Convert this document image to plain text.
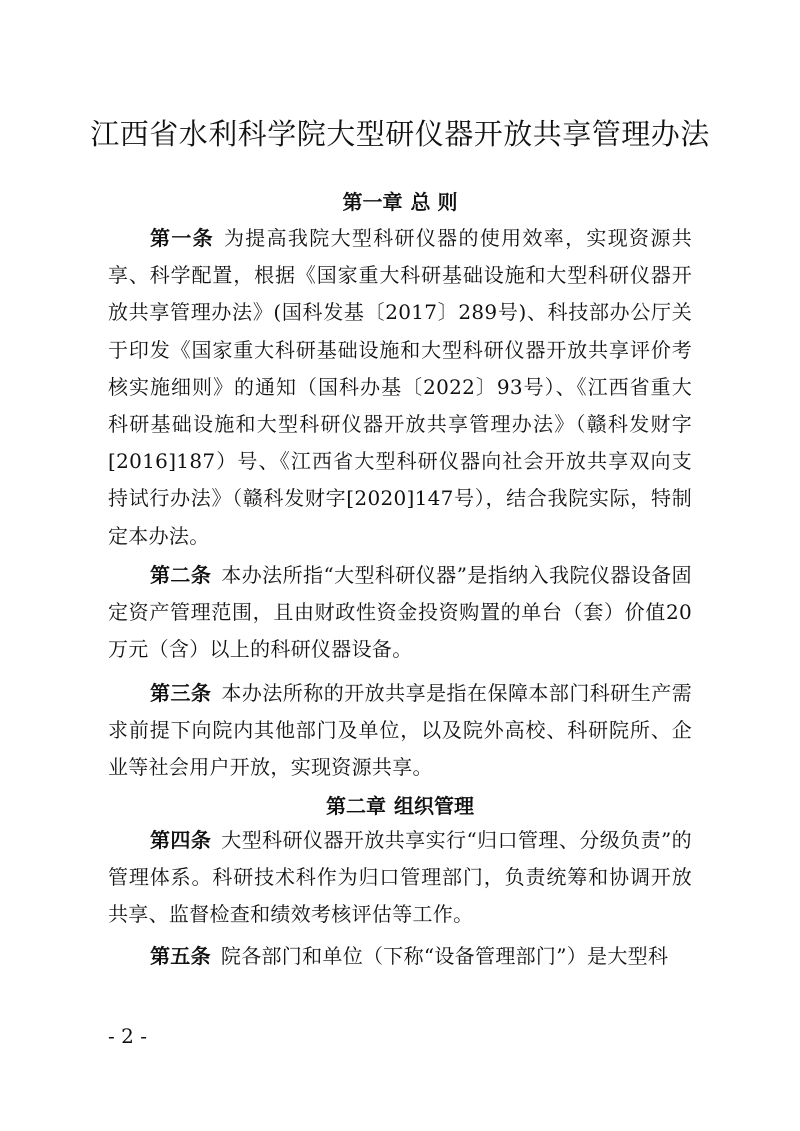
江西省水利科学院大型研仪器开放共享管理办法
第一章 总 则

第一条 为提高我院大型科研仪器的使用效率，实现资源共享、科学配置，根据《国家重大科研基础设施和大型科研仪器开放共享管理办法》(国科发基〔2017〕289号)、科技部办公厅关于印发《国家重大科研基础设施和大型科研仪器开放共享评价考核实施细则》的通知（国科办基〔2022〕93号）、《江西省重大科研基础设施和大型科研仪器开放共享管理办法》（赣科发财字[2016]187）号、《江西省大型科研仪器向社会开放共享双向支持试行办法》（赣科发财字[2020]147号），结合我院实际，特制定本办法。

第二条 本办法所指“大型科研仪器”是指纳入我院仪器设备固定资产管理范围，且由财政性资金投资购置的单台（套）价值20万元（含）以上的科研仪器设备。

第三条 本办法所称的开放共享是指在保障本部门科研生产需求前提下向院内其他部门及单位，以及院外高校、科研院所、企业等社会用户开放，实现资源共享。

第二章 组织管理

第四条 大型科研仪器开放共享实行“归口管理、分级负责”的管理体系。科研技术科作为归口管理部门，负责统筹和协调开放共享、监督检查和绩效考核评估等工作。

第五条 院各部门和单位（下称“设备管理部门”）是大型科

- 2 -
